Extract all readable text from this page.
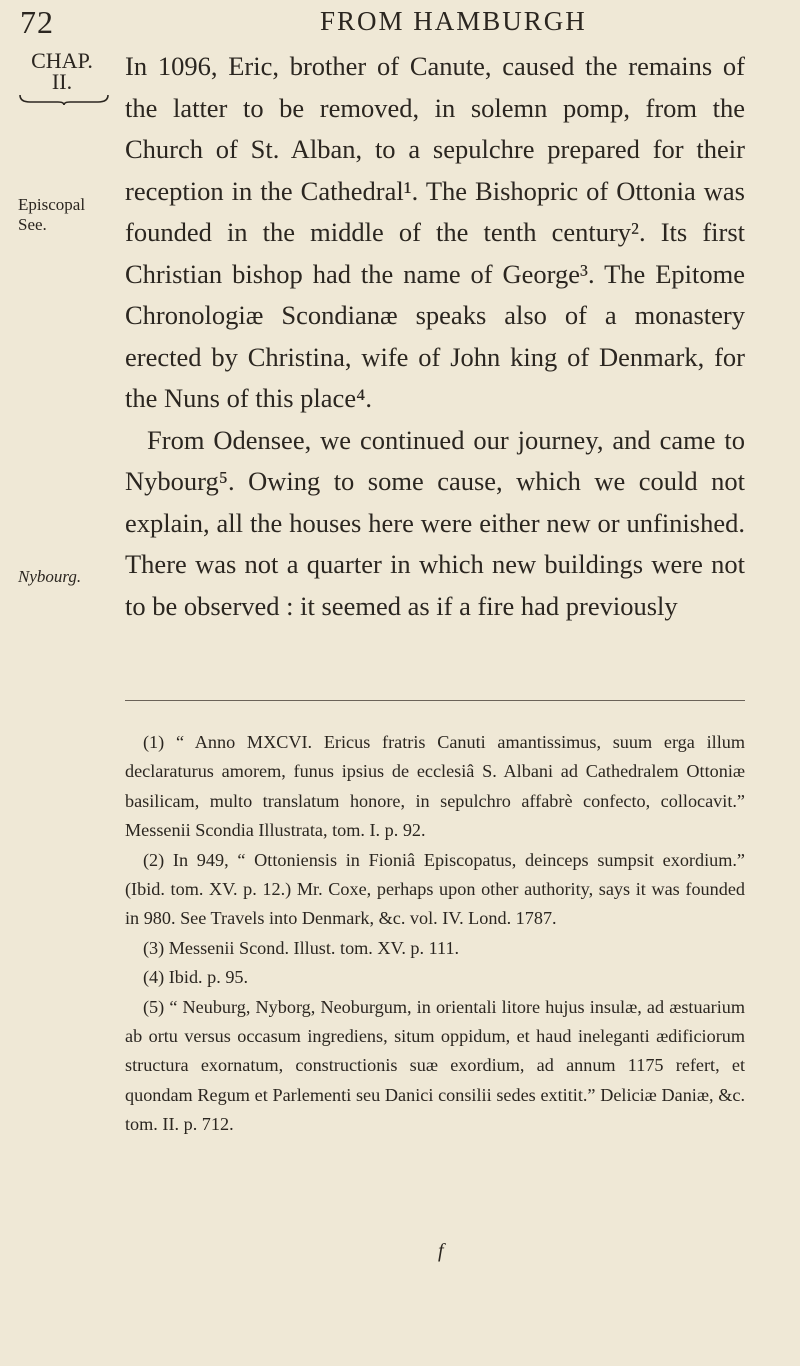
72	FROM HAMBURGH
CHAP.
II.
Episcopal
See.
Nybourg.

In 1096, Eric, brother of Canute, caused the remains of the latter to be removed, in solemn pomp, from the Church of St. Alban, to a sepulchre prepared for their reception in the Cathedral¹. The Bishopric of Ottonia was founded in the middle of the tenth century². Its first Christian bishop had the name of George³. The Epitome Chronologiæ Scondianæ speaks also of a monastery erected by Christina, wife of John king of Denmark, for the Nuns of this place⁴.

From Odensee, we continued our journey, and came to Nybourg⁵. Owing to some cause, which we could not explain, all the houses here were either new or unfinished. There was not a quarter in which new buildings were not to be observed : it seemed as if a fire had previously

(1) “ Anno MXCVI. Ericus fratris Canuti amantissimus, suum erga illum declaraturus amorem, funus ipsius de ecclesiâ S. Albani ad Cathedralem Ottoniæ basilicam, multo translatum honore, in sepulchro affabrè confecto, collocavit.” Messenii Scondia Illustrata, tom. I. p. 92.

(2) In 949, “ Ottoniensis in Fioniâ Episcopatus, deinceps sumpsit exordium.” (Ibid. tom. XV. p. 12.) Mr. Coxe, perhaps upon other authority, says it was founded in 980. See Travels into Denmark, &c. vol. IV. Lond. 1787.

(3) Messenii Scond. Illust. tom. XV. p. 111.

(4) Ibid. p. 95.

(5) “ Neuburg, Nyborg, Neoburgum, in orientali litore hujus insulæ, ad æstuarium ab ortu versus occasum ingrediens, situm oppidum, et haud ineleganti ædificiorum structura exornatum, constructionis suæ exordium, ad annum 1175 refert, et quondam Regum et Parlementi seu Danici consilii sedes extitit.” Deliciæ Daniæ, &c. tom. II. p. 712.

f
